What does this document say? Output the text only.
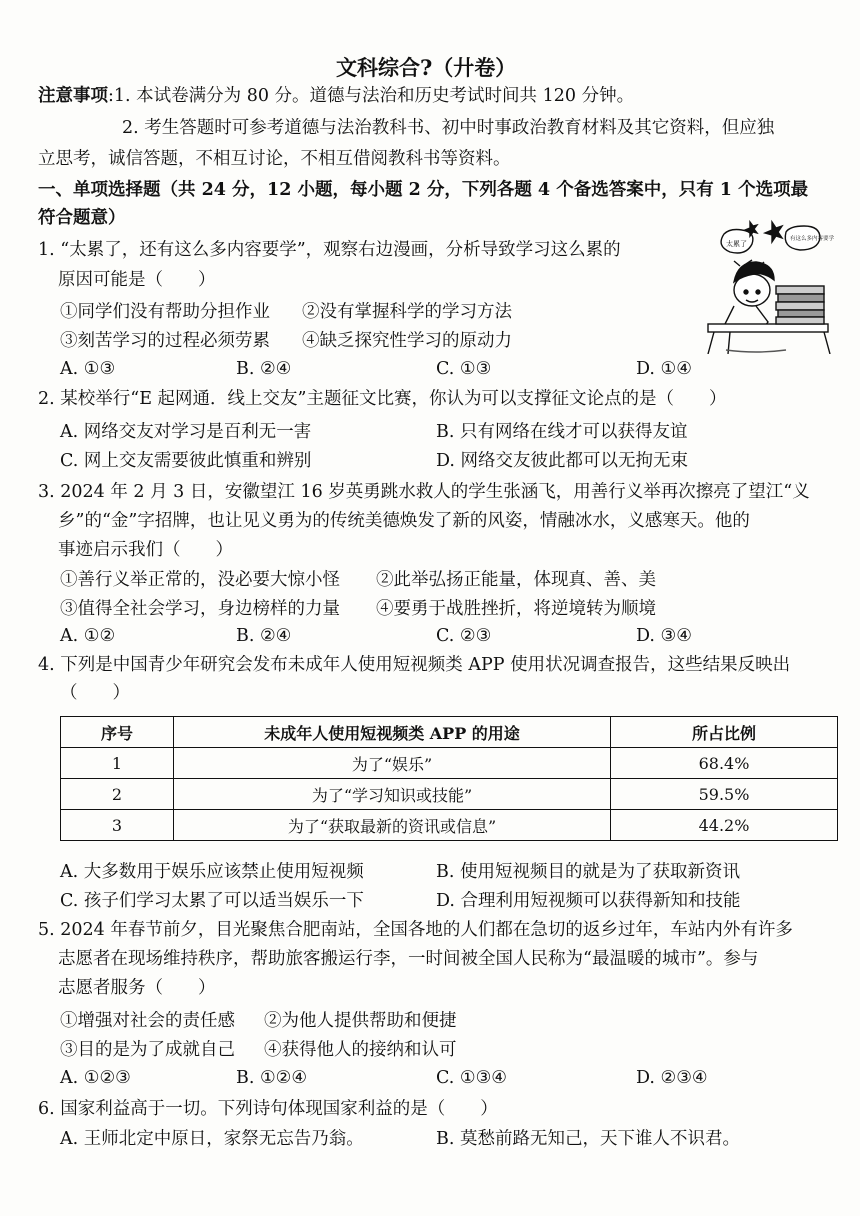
文科综合?（廾卷）
注意事项:1. 本试卷满分为 80 分。道德与法治和历史考试时间共 120 分钟。
2. 考生答题时可参考道德与法治教科书、初中时事政治教育材料及其它资料，但应独
立思考，诚信答题，不相互讨论，不相互借阅教科书等资料。
一、单项选择题（共 24 分，12 小题，每小题 2 分，下列各题 4 个备选答案中，只有 1 个选项最
符合题意）
太累了
有这么多内容要学
1. “太累了，还有这么多内容要学”，观察右边漫画，分析导致学习这么累的
原因可能是（　　）
①同学们没有帮助分担作业 ②没有掌握科学的学习方法
③刻苦学习的过程必须劳累 ④缺乏探究性学习的原动力
A. ①③	B. ②④	C. ①③	D. ①④
2. 某校举行“E 起网通．线上交友”主题征文比赛，你认为可以支撑征文论点的是（　　）
A. 网络交友对学习是百利无一害	B. 只有网络在线才可以获得友谊
C. 网上交友需要彼此慎重和辨别	D. 网络交友彼此都可以无拘无束
3. 2024 年 2 月 3 日，安徽望江 16 岁英勇跳水救人的学生张涵飞，用善行义举再次擦亮了望江“义
乡”的“金”字招牌，也让见义勇为的传统美德焕发了新的风姿，情融冰水，义感寒天。他的
事迹启示我们（　　）
①善行义举正常的，没必要大惊小怪 ②此举弘扬正能量，体现真、善、美
③值得全社会学习，身边榜样的力量 ④要勇于战胜挫折，将逆境转为顺境
A. ①②	B. ②④	C. ②③	D. ③④
4. 下列是中国青少年研究会发布未成年人使用短视频类 APP 使用状况调查报告，这些结果反映出
（　　）
序号	未成年人使用短视频类 APP 的用途	所占比例
1	为了“娱乐”	68.4%
2	为了“学习知识或技能”	59.5%
3	为了“获取最新的资讯或信息”	44.2%
A. 大多数用于娱乐应该禁止使用短视频	B. 使用短视频目的就是为了获取新资讯
C. 孩子们学习太累了可以适当娱乐一下	D. 合理利用短视频可以获得新知和技能
5. 2024 年春节前夕，目光聚焦合肥南站，全国各地的人们都在急切的返乡过年，车站内外有许多
志愿者在现场维持秩序，帮助旅客搬运行李，一时间被全国人民称为“最温暖的城市”。参与
志愿者服务（　　）
①增强对社会的责任感 ②为他人提供帮助和便捷
③目的是为了成就自己 ④获得他人的接纳和认可
A. ①②③	B. ①②④	C. ①③④	D. ②③④
6. 国家利益高于一切。下列诗句体现国家利益的是（　　）
A. 王师北定中原日，家祭无忘告乃翁。	B. 莫愁前路无知己，天下谁人不识君。
